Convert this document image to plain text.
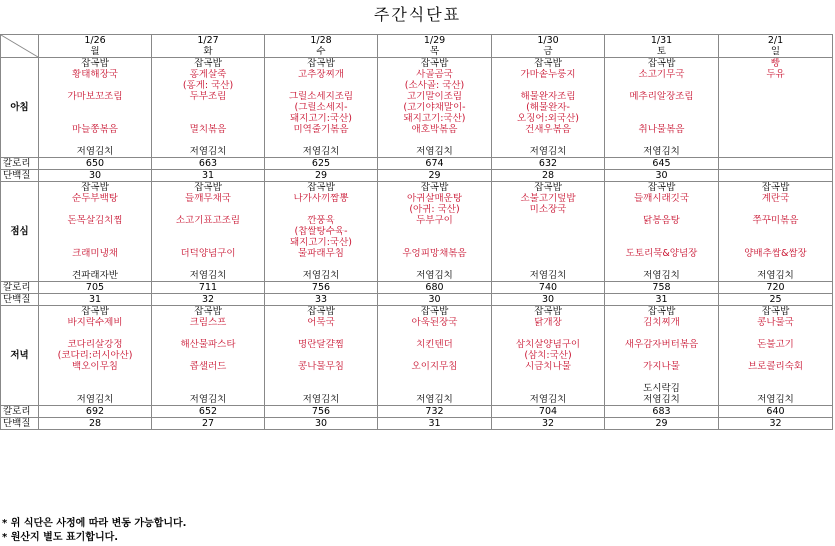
주간식단표
	1/26	1/27	1/28	1/29	1/30	1/31	2/1
	월	화	수	목	금	토	일
아침	잡곡밥	잡곡밥	잡곡밥	잡곡밥	잡곡밥	잡곡밥	빵
	황태해장국	홍게살죽	고추장찌개	사골곰국	가마솥누룽지	소고기무국	두유
		(홍게: 국산)		(소사골: 국산)			
	가마보꼬조림	두부조림	그릴소세지조림	고기말이조림	해물완자조림	메추리알장조림	
			(그릴소세지-	(고기야채말이-	(해물완자-		
			돼지고기:국산)	돼지고기:국산)	오징어:외국산)		
	마늘쫑볶음	멸치볶음	미역줄기볶음	애호박볶음	건새우볶음	취나물볶음	

	저염김치	저염김치	저염김치	저염김치	저염김치	저염김치	
칼로리	650	663	625	674	632	645	
단백질	30	31	29	29	28	30	
점심	잡곡밥	잡곡밥	잡곡밥	잡곡밥	잡곡밥	잡곡밥	잡곡밥
	순두부백탕	들깨무채국	나가사끼짬뽕	아귀살매운탕	소불고기덮밥	들깨시래깃국	계란국
				(아귀: 국산)	미소장국		
	돈목살김치찜	소고기표고조림	깐풍육	두부구이		닭봉음탕	쭈꾸미볶음
			(찹쌀탕수육-				
			돼지고기:국산)				
	크래미냉채	더덕양념구이	물파래무침	우엉피망채볶음		도토리묵&양념장	양배추쌈&쌈장

	견파래자반	저염김치	저염김치	저염김치	저염김치	저염김치	저염김치
칼로리	705	711	756	680	740	758	720
단백질	31	32	33	30	30	31	25
저녁	잡곡밥	잡곡밥	잡곡밥	잡곡밥	잡곡밥	잡곡밥	잡곡밥
	바지락수제비	크림스프	어묵국	아욱된장국	닭개장	김치찌개	콩나물국

	코다리살강정	해산물파스타	명란달걀찜	치킨텐더	삼치살양념구이	새우감자버터볶음	돈불고기
	(코다리:러시아산)				(삼치:국산)		
	백오이무침	콥샐러드	콩나물무침	오이지무침	시금치나물	가지나물	브로콜리숙회

						도시락김	
	저염김치	저염김치	저염김치	저염김치	저염김치	저염김치	저염김치
칼로리	692	652	756	732	704	683	640
단백질	28	27	30	31	32	29	32
* 위 식단은 사정에 따라 변동 가능합니다.
* 원산지 별도 표기합니다.
